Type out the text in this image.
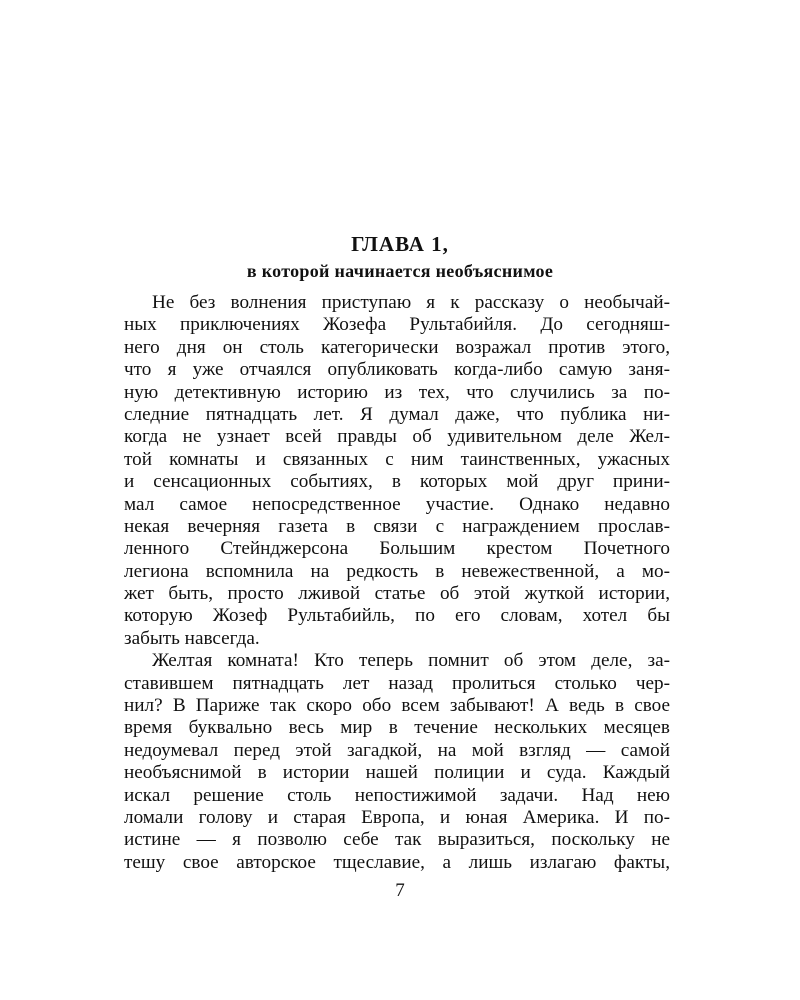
ГЛАВА 1,
в которой начинается необъяснимое
Не без волнения приступаю я к рассказу о необычай-
ных приключениях Жозефа Рультабийля. До сегодняш-
него дня он столь категорически возражал против этого,
что я уже отчаялся опубликовать когда-либо самую заня-
ную детективную историю из тех, что случились за по-
следние пятнадцать лет. Я думал даже, что публика ни-
когда не узнает всей правды об удивительном деле Жел-
той комнаты и связанных с ним таинственных, ужасных
и сенсационных событиях, в которых мой друг прини-
мал самое непосредственное участие. Однако недавно
некая вечерняя газета в связи с награждением прослав-
ленного Стейнджерсона Большим крестом Почетного
легиона вспомнила на редкость в невежественной, а мо-
жет быть, просто лживой статье об этой жуткой истории,
которую Жозеф Рультабийль, по его словам, хотел бы
забыть навсегда.
Желтая комната! Кто теперь помнит об этом деле, за-
ставившем пятнадцать лет назад пролиться столько чер-
нил? В Париже так скоро обо всем забывают! А ведь в свое
время буквально весь мир в течение нескольких месяцев
недоумевал перед этой загадкой, на мой взгляд — самой
необъяснимой в истории нашей полиции и суда. Каждый
искал решение столь непостижимой задачи. Над нею
ломали голову и старая Европа, и юная Америка. И по-
истине — я позволю себе так выразиться, поскольку не
тешу свое авторское тщеславие, а лишь излагаю факты,
7
